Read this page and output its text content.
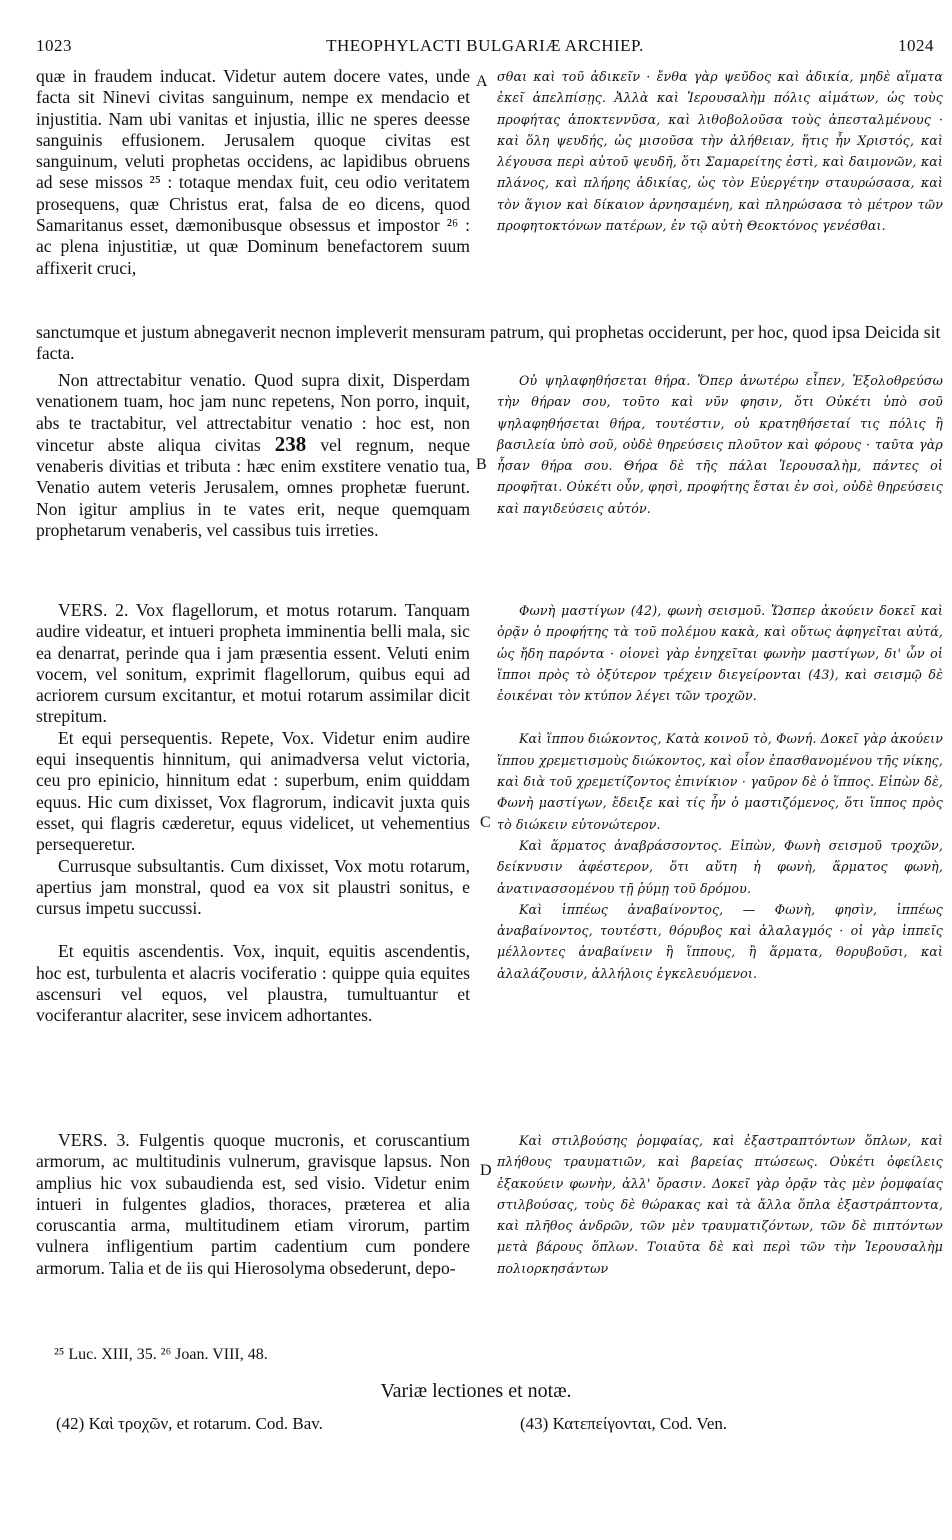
1023	THEOPHYLACTI BULGARIÆ ARCHIEP.	1024
A
B
C
D

quæ in fraudem inducat. Videtur autem docere vates, unde facta sit Ninevi civitas sanguinum, nempe ex mendacio et injustitia. Nam ubi vanitas et injustia, illic ne speres deesse sanguinis effusionem. Jerusalem quoque civitas est sanguinum, veluti prophetas occidens, ac lapidibus obruens ad sese missos ²⁵ : totaque mendax fuit, ceu odio veritatem prosequens, quæ Christus erat, falsa de eo dicens, quod Samaritanus esset, dæmonibusque obsessus et impostor ²⁶ : ac plena injustitiæ, ut quæ Dominum benefactorem suum affixerit cruci,

σθαι καὶ τοῦ ἀδικεῖν · ἔνθα γὰρ ψεῦδος καὶ ἀδικία, μηδὲ αἵματα ἐκεῖ ἀπελπίσῃς. Ἀλλὰ καὶ Ἱερουσαλὴμ πόλις αἱμάτων, ὡς τοὺς προφήτας ἀποκτεννῦσα, καὶ λιθοβολοῦσα τοὺς ἀπεσταλμένους · καὶ ὅλη ψευδής, ὡς μισοῦσα τὴν ἀλήθειαν, ἥτις ἦν Χριστός, καὶ λέγουσα περὶ αὐτοῦ ψευδῆ, ὅτι Σαμαρείτης ἐστὶ, καὶ δαιμονῶν, καὶ πλάνος, καὶ πλήρης ἀδικίας, ὡς τὸν Εὐεργέτην σταυρώσασα, καὶ τὸν ἅγιον καὶ δίκαιον ἀρνησαμένη, καὶ πληρώσασα τὸ μέτρον τῶν προφητοκτόνων πατέρων, ἐν τῷ αὐτὴ Θεοκτόνος γενέσθαι.

sanctumque et justum abnegaverit necnon impleverit mensuram patrum, qui prophetas occiderunt, per hoc, quod ipsa Deicida sit facta.

Non attrectabitur venatio. Quod supra dixit, Disperdam venationem tuam, hoc jam nunc repetens, Non porro, inquit, abs te tractabitur, vel attrectabitur venatio : hoc est, non vincetur abste aliqua civitas 238 vel regnum, neque venaberis divitias et tributa : hæc enim exstitere venatio tua, Venatio autem veteris Jerusalem, omnes prophetæ fuerunt. Non igitur amplius in te vates erit, neque quemquam prophetarum venaberis, vel cassibus tuis irreties.

Οὐ ψηλαφηθήσεται θήρα. Ὅπερ ἀνωτέρω εἶπεν, Ἐξολοθρεύσω τὴν θήραν σου, τοῦτο καὶ νῦν φησιν, ὅτι Οὐκέτι ὑπὸ σοῦ ψηλαφηθήσεται θήρα, τουτέστιν, οὐ κρατηθήσεταί τις πόλις ἢ βασιλεία ὑπὸ σοῦ, οὐδὲ θηρεύσεις πλοῦτον καὶ φόρους · ταῦτα γὰρ ἦσαν θήρα σου. Θήρα δὲ τῆς πάλαι Ἱερουσαλὴμ, πάντες οἱ προφῆται. Οὐκέτι οὖν, φησὶ, προφήτης ἔσται ἐν σοὶ, οὐδὲ θηρεύσεις καὶ παγιδεύσεις αὐτόν.

VERS. 2. Vox flagellorum, et motus rotarum. Tanquam audire videatur, et intueri propheta imminentia belli mala, sic ea denarrat, perinde qua i jam præsentia essent. Veluti enim vocem, vel sonitum, exprimit flagellorum, quibus equi ad acriorem cursum excitantur, et motui rotarum assimilar dicit strepitum.

Et equi persequentis. Repete, Vox. Videtur enim audire equi insequentis hinnitum, qui animadversa velut victoria, ceu pro epinicio, hinnitum edat : superbum, enim quiddam equus. Hic cum dixisset, Vox flagrorum, indicavit juxta quis esset, qui flagris cæderetur, equus videlicet, ut vehementius persequeretur.

Currusque subsultantis. Cum dixisset, Vox motu rotarum, apertius jam monstral, quod ea vox sit plaustri sonitus, e cursus impetu succussi.

Et equitis ascendentis. Vox, inquit, equitis ascendentis, hoc est, turbulenta et alacris vociferatio : quippe quia equites ascensuri vel equos, vel plaustra, tumultuantur et vociferantur alacriter, sese invicem adhortantes.

Φωνὴ μαστίγων (42), φωνὴ σεισμοῦ. Ὥσπερ ἀκούειν δοκεῖ καὶ ὁρᾷν ὁ προφήτης τὰ τοῦ πολέμου κακὰ, καὶ οὕτως ἀφηγεῖται αὐτά, ὡς ἤδη παρόντα · οἱονεὶ γὰρ ἐνηχεῖται φωνὴν μαστίγων, δι' ὧν οἱ ἵπποι πρὸς τὸ ὀξύτερον τρέχειν διεγείρονται (43), καὶ σεισμῷ δὲ ἐοικέναι τὸν κτύπον λέγει τῶν τροχῶν.

Καὶ ἵππου διώκοντος, Κατὰ κοινοῦ τὸ, Φωνή. Δοκεῖ γὰρ ἀκούειν ἵππου χρεμετισμοὺς διώκοντος, καὶ οἷον ἐπασθανομένου τῆς νίκης, καὶ διὰ τοῦ χρεμετίζοντος ἐπινίκιον · γαῦρον δὲ ὁ ἵππος. Εἰπὼν δὲ, Φωνὴ μαστίγων, ἔδειξε καὶ τίς ἦν ὁ μαστιζόμενος, ὅτι ἵππος πρὸς τὸ διώκειν εὐτονώτερον.

Καὶ ἅρματος ἀναβράσσοντος. Εἰπὼν, Φωνὴ σεισμοῦ τροχῶν, δείκνυσιν ἀφέστερον, ὅτι αὕτη ἡ φωνὴ, ἅρματος φωνὴ, ἀνατινασσομένου τῇ ῥύμῃ τοῦ δρόμου.

Καὶ ἱππέως ἀναβαίνοντος, — Φωνὴ, φησὶν, ἱππέως ἀναβαίνοντος, τουτέστι, θόρυβος καὶ ἀλαλαγμός · οἱ γὰρ ἱππεῖς μέλλοντες ἀναβαίνειν ἢ ἵππους, ἢ ἅρματα, θορυβοῦσι, καὶ ἀλαλάζουσιν, ἀλλήλοις ἐγκελευόμενοι.

VERS. 3. Fulgentis quoque mucronis, et coruscantium armorum, ac multitudinis vulnerum, gravisque lapsus. Non amplius hic vox subaudienda est, sed visio. Videtur enim intueri in fulgentes gladios, thoraces, præterea et alia coruscantia arma, multitudinem etiam virorum, partim vulnera infligentium partim cadentium cum pondere armorum. Talia et de iis qui Hierosolyma obsederunt, depo-

Καὶ στιλβούσης ῥομφαίας, καὶ ἐξαστραπτόντων ὅπλων, καὶ πλήθους τραυματιῶν, καὶ βαρείας πτώσεως. Οὐκέτι ὀφείλεις ἐξακούειν φωνὴν, ἀλλ' ὅρασιν. Δοκεῖ γὰρ ὁρᾷν τὰς μὲν ῥομφαίας στιλβούσας, τοὺς δὲ θώρακας καὶ τὰ ἄλλα ὅπλα ἐξαστράπτοντα, καὶ πλῆθος ἀνδρῶν, τῶν μὲν τραυματιζόντων, τῶν δὲ πιπτόντων μετὰ βάρους ὅπλων. Τοιαῦτα δὲ καὶ περὶ τῶν τὴν Ἱερουσαλὴμ πολιορκησάντων

²⁵ Luc. XIII, 35. ²⁶ Joan. VIII, 48.
Variæ lectiones et notæ.
(42) Καὶ τροχῶν, et rotarum. Cod. Bav.	(43) Κατεπείγονται, Cod. Ven.
